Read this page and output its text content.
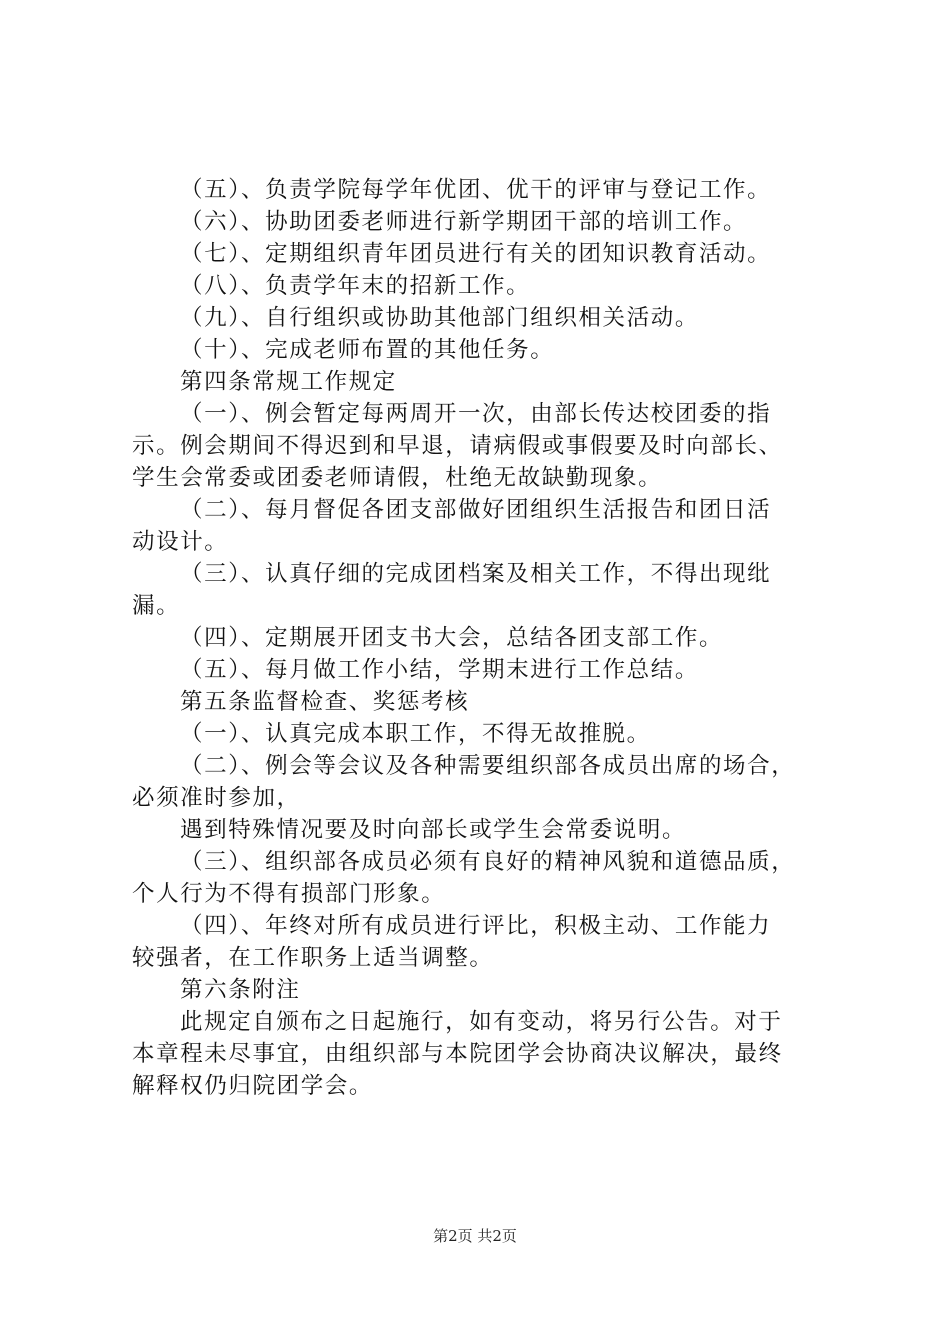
（五）、负责学院每学年优团、优干的评审与登记工作。
（六）、协助团委老师进行新学期团干部的培训工作。
（七）、定期组织青年团员进行有关的团知识教育活动。
（八）、负责学年末的招新工作。
（九）、自行组织或协助其他部门组织相关活动。
（十）、完成老师布置的其他任务。
第四条常规工作规定
（一）、例会暂定每两周开一次，由部长传达校团委的指
示。例会期间不得迟到和早退，请病假或事假要及时向部长、
学生会常委或团委老师请假，杜绝无故缺勤现象。
（二）、每月督促各团支部做好团组织生活报告和团日活
动设计。
（三）、认真仔细的完成团档案及相关工作，不得出现纰
漏。
（四）、定期展开团支书大会，总结各团支部工作。
（五）、每月做工作小结，学期末进行工作总结。
第五条监督检查、奖惩考核
（一）、认真完成本职工作，不得无故推脱。
（二）、例会等会议及各种需要组织部各成员出席的场合，
必须准时参加，
遇到特殊情况要及时向部长或学生会常委说明。
（三）、组织部各成员必须有良好的精神风貌和道德品质，
个人行为不得有损部门形象。
（四）、年终对所有成员进行评比，积极主动、工作能力
较强者，在工作职务上适当调整。
第六条附注
此规定自颁布之日起施行，如有变动，将另行公告。对于
本章程未尽事宜，由组织部与本院团学会协商决议解决，最终
解释权仍归院团学会。
第2页 共2页
